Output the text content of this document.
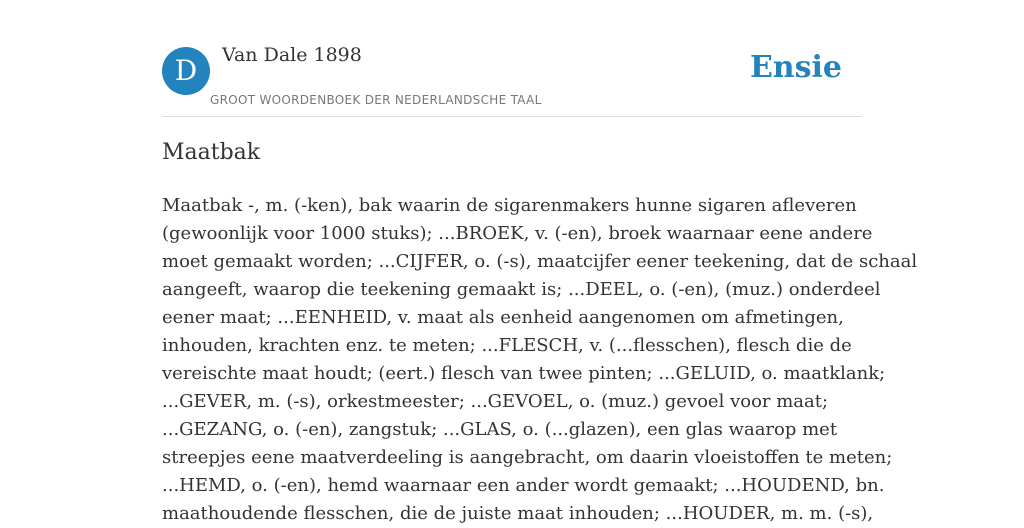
D	Van Dale 1898
GROOT WOORDENBOEK DER NEDERLANDSCHE TAAL
Ensie
Maatbak
Maatbak -, m. (-ken), bak waarin de sigarenmakers hunne sigaren afleveren
(gewoonlijk voor 1000 stuks); ...BROEK, v. (-en), broek waarnaar eene andere
moet gemaakt worden; ...CIJFER, o. (-s), maatcijfer eener teekening, dat de schaal
aangeeft, waarop die teekening gemaakt is; ...DEEL, o. (-en), (muz.) onderdeel
eener maat; ...EENHEID, v. maat als eenheid aangenomen om afmetingen,
inhouden, krachten enz. te meten; ...FLESCH, v. (...flesschen), flesch die de
vereischte maat houdt; (eert.) flesch van twee pinten; ...GELUID, o. maatklank;
...GEVER, m. (-s), orkestmeester; ...GEVOEL, o. (muz.) gevoel voor maat;
...GEZANG, o. (-en), zangstuk; ...GLAS, o. (...glazen), een glas waarop met
streepjes eene maatverdeeling is aangebracht, om daarin vloeistoffen te meten;
...HEMD, o. (-en), hemd waarnaar een ander wordt gemaakt; ...HOUDEND, bn.
maathoudende flesschen, die de juiste maat inhouden; ...HOUDER, m. m. (-s),
